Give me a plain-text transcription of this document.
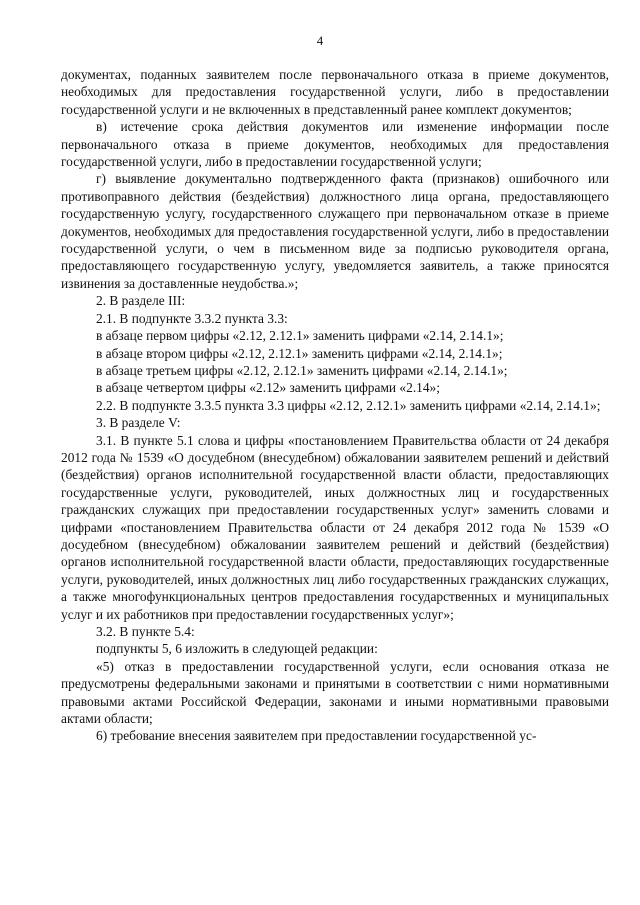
4

документах, поданных заявителем после первоначального отказа в приеме документов, необходимых для предоставления государственной услуги, либо в предоставлении государственной услуги и не включенных в представленный ранее комплект документов;

в) истечение срока действия документов или изменение информации после первоначального отказа в приеме документов, необходимых для предоставления государственной услуги, либо в предоставлении государственной услуги;

г) выявление документально подтвержденного факта (признаков) ошибочного или противоправного действия (бездействия) должностного лица органа, предоставляющего государственную услугу, государственного служащего при первоначальном отказе в приеме документов, необходимых для предоставления государственной услуги, либо в предоставлении государственной услуги, о чем в письменном виде за подписью руководителя органа, предоставляющего государственную услугу, уведомляется заявитель, а также приносятся извинения за доставленные неудобства.»;

2. В разделе III:

2.1. В подпункте 3.3.2 пункта 3.3:

в абзаце первом цифры «2.12, 2.12.1» заменить цифрами «2.14, 2.14.1»;

в абзаце втором цифры «2.12, 2.12.1» заменить цифрами «2.14, 2.14.1»;

в абзаце третьем цифры «2.12, 2.12.1» заменить цифрами «2.14, 2.14.1»;

в абзаце четвертом цифры «2.12» заменить цифрами «2.14»;

2.2. В подпункте 3.3.5 пункта 3.3 цифры «2.12, 2.12.1» заменить цифрами «2.14, 2.14.1»;

3. В разделе V:

3.1. В пункте 5.1 слова и цифры «постановлением Правительства области от 24 декабря 2012 года № 1539 «О досудебном (внесудебном) обжаловании заявителем решений и действий (бездействия) органов исполнительной государственной власти области, предоставляющих государственные услуги, руководителей, иных должностных лиц и государственных гражданских служащих при предоставлении государственных услуг» заменить словами и цифрами «постановлением Правительства области от 24 декабря 2012 года № 1539 «О досудебном (внесудебном) обжаловании заявителем решений и действий (бездействия) органов исполнительной государственной власти области, предоставляющих государственные услуги, руководителей, иных должностных лиц либо государственных гражданских служащих, а также многофункциональных центров предоставления государственных и муниципальных услуг и их работников при предоставлении государственных услуг»;

3.2. В пункте 5.4:

подпункты 5, 6 изложить в следующей редакции:

«5) отказ в предоставлении государственной услуги, если основания отказа не предусмотрены федеральными законами и принятыми в соответствии с ними нормативными правовыми актами Российской Федерации, законами и иными нормативными правовыми актами области;

6) требование внесения заявителем при предоставлении государственной ус-
